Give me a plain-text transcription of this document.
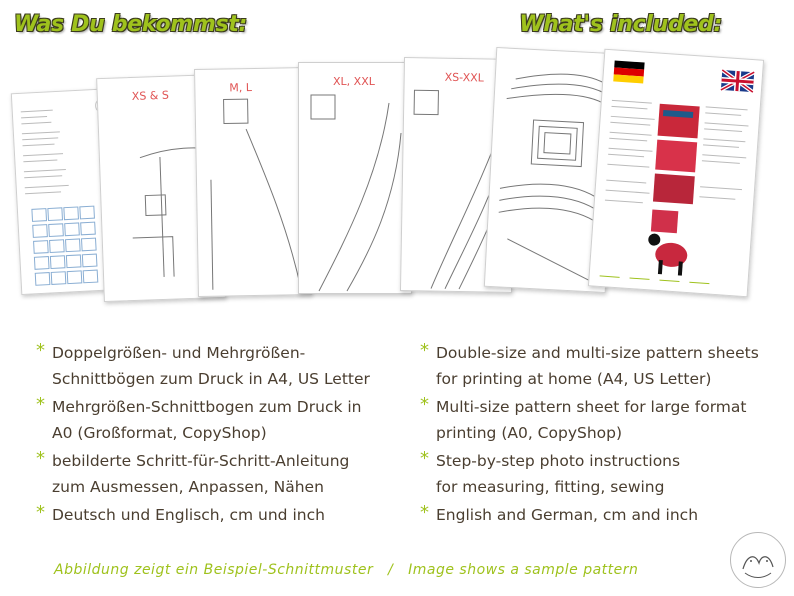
Was Du bekommst:	What's included:
XS & S
M, L	XL, XXL	XS-XXL
* Doppelgrößen- und Mehrgrößen-
Schnittbögen zum Druck in A4, US Letter
* Mehrgrößen-Schnittbogen zum Druck in
A0 (Großformat, CopyShop)
* bebilderte Schritt-für-Schritt-Anleitung
zum Ausmessen, Anpassen, Nähen
* Deutsch und Englisch, cm und inch
* Double-size and multi-size pattern sheets
for printing at home (A4, US Letter)
* Multi-size pattern sheet for large format
printing (A0, CopyShop)
* Step-by-step photo instructions
for measuring, fitting, sewing
* English and German, cm and inch
Abbildung zeigt ein Beispiel-Schnittmuster   /   Image shows a sample pattern
